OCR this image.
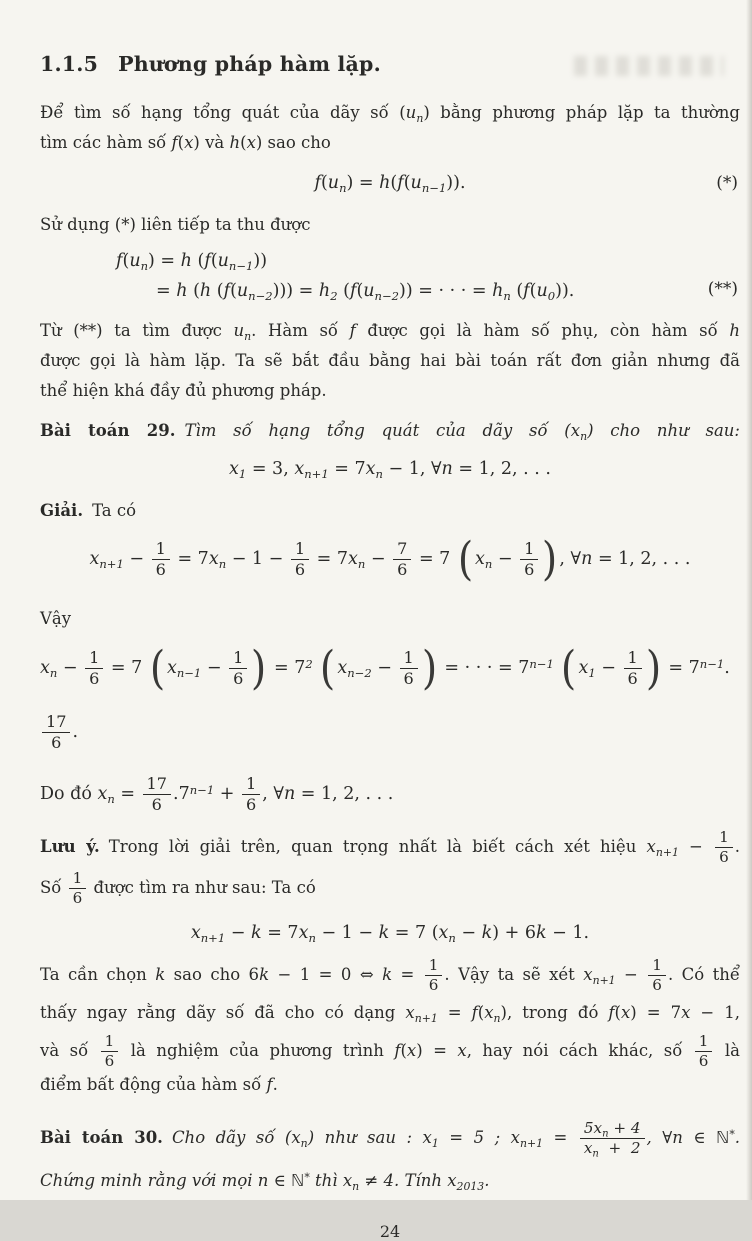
1.1.5 Phương pháp hàm lặp.
Để tìm số hạng tổng quát của dãy số $(u_n)$ bằng phương pháp lặp ta thường
tìm các hàm số f(x) và h(x) sao cho
$f(u_n) = h(f(u_{n-1}))$.	(*)
Sử dụng (*) liên tiếp ta thu được
$f(u_n) = h$ $(f(u_{n-1}))$
= h (h $(f(u_{n-2}))) = h_2$ $(f(u_{n-2}))$ = · · · = $h_n$ $(f(u_0))$.	(**)
Từ (**) ta tìm được $u_n$. Hàm số f được gọi là hàm số phụ, còn hàm số h
được gọi là hàm lặp. Ta sẽ bắt đầu bằng hai bài toán rất đơn giản nhưng đã
thể hiện khá đầy đủ phương pháp.
Bài toán 29. Tìm số hạng tổng quát của dãy số $(x_n)$ cho như sau:
$x_1 = 3$, $x_{n+1} = 7x_n - 1$, ∀n = 1, 2, . . .
Giải. Ta có
$x_{n+1} - \frac{1}{6} = 7x_n - 1 - \frac{1}{6} = 7x_n - \frac{7}{6} = 7$ ( $x_n - \frac{1}{6}$ ) , ∀n = 1, 2, . . .
Vậy
$x_n - \frac{1}{6} = 7$ ( $x_{n-1} - \frac{1}{6}$ ) = $7^2$ ( $x_{n-2} - \frac{1}{6}$ ) = · · · = $7^{n-1}$ ( $x_1 - \frac{1}{6}$ ) = $7^{n-1}$.
$\frac{17}{6}$ .
Do đó $x_n = \frac{17}{6} .7^{n-1} + \frac{1}{6}$ , ∀n = 1, 2, . . .
Lưu ý. Trong lời giải trên, quan trọng nhất là biết cách xét hiệu $x_{n+1} - \frac{1}{6}$ .
Số $\frac{1}{6}$ được tìm ra như sau: Ta có
$x_{n+1} - k = 7x_n - 1 - k = 7$ $(x_n - k) + 6k - 1$.
Ta cần chọn k sao cho 6k − 1 = 0 ⇔ $k = \frac{1}{6}$ . Vậy ta sẽ xét $x_{n+1} - \frac{1}{6}$ . Có thể
thấy ngay rằng dãy số đã cho có dạng $x_{n+1} = f(x_n)$, trong đó f(x) = 7x − 1,
và số $\frac{1}{6}$ là nghiệm của phương trình f(x) = x, hay nói cách khác, số $\frac{1}{6}$ là
điểm bất động của hàm số f.
Bài toán 30. Cho dãy số $(x_n)$ như sau : $x_1 = 5$ ; $x_{n+1} = \frac{5x_n + 4}{x_n + 2}$ , ∀n ∈ ℕ*.
Chứng minh rằng với mọi n ∈ ℕ* thì $x_n \ne 4$. Tính $x_{2013}$.
24
